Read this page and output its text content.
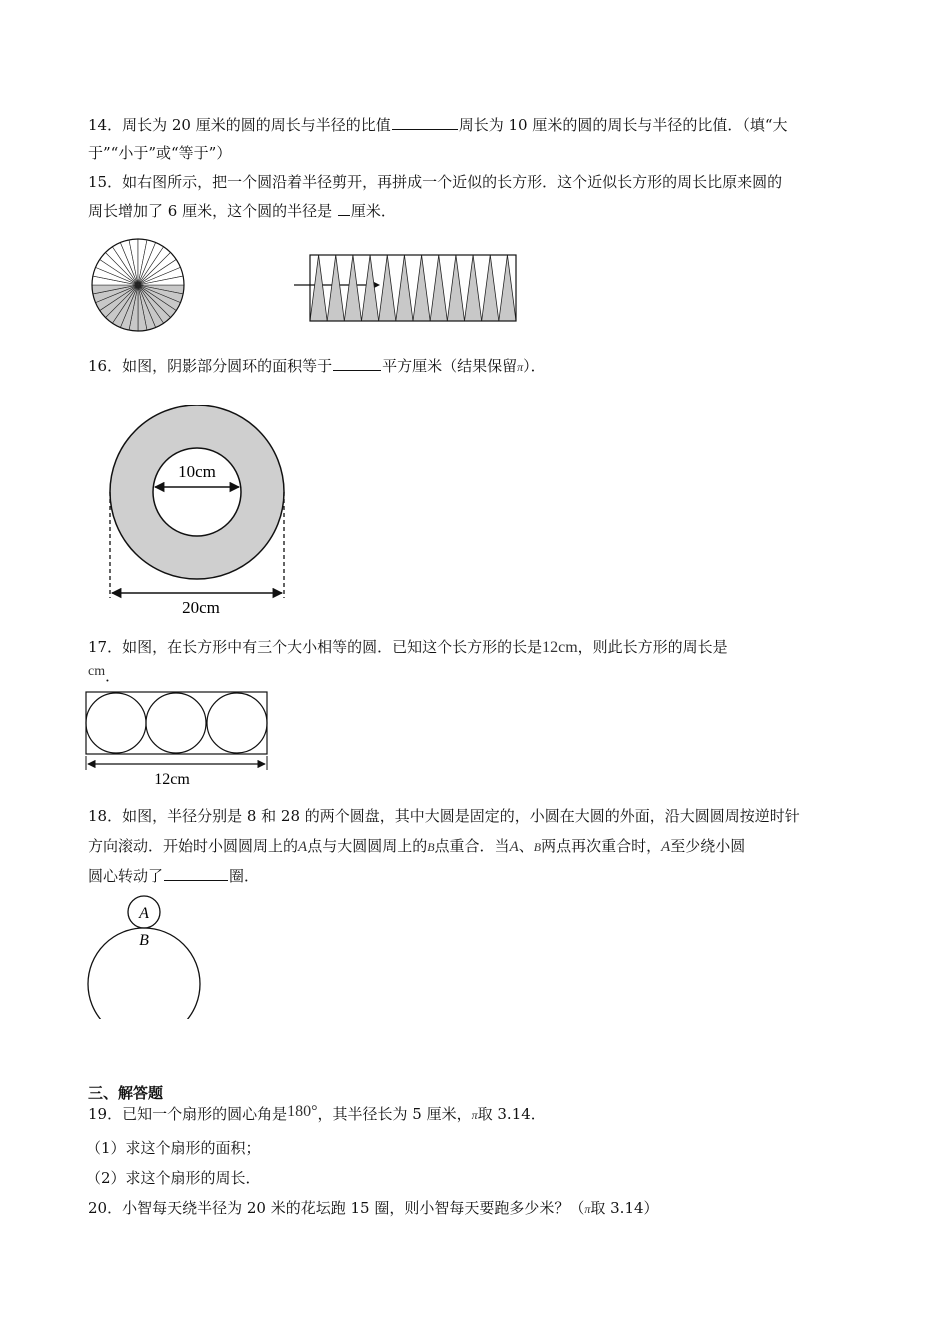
14．周长为 20 厘米的圆的周长与半径的比值	周长为 10 厘米的圆的周长与半径的比值．（填“大
于”“小于”或“等于”）
15．如右图所示，把一个圆沿着半径剪开，再拼成一个近似的长方形．这个近似长方形的周长比原来圆的
周长增加了 6 厘米，这个圆的半径是 厘米．
16．如图，阴影部分圆环的面积等于	平方厘米（结果保留π）．
10cm
20cm
17．如图，在长方形中有三个大小相等的圆．已知这个长方形的长是12cm，则此长方形的周长是
cm．
12cm
18．如图，半径分别是 8 和 28 的两个圆盘，其中大圆是固定的，小圆在大圆的外面，沿大圆圆周按逆时针
方向滚动．开始时小圆圆周上的A点与大圆圆周上的B点重合．当A、B两点再次重合时，A至少绕小圆
圆心转动了	圈．
A
B
三、解答题
19．已知一个扇形的圆心角是180°，其半径长为 5 厘米，π取 3.14．
（1）求这个扇形的面积；
（2）求这个扇形的周长．
20．小智每天绕半径为 20 米的花坛跑 15 圈，则小智每天要跑多少米？（π取 3.14）
